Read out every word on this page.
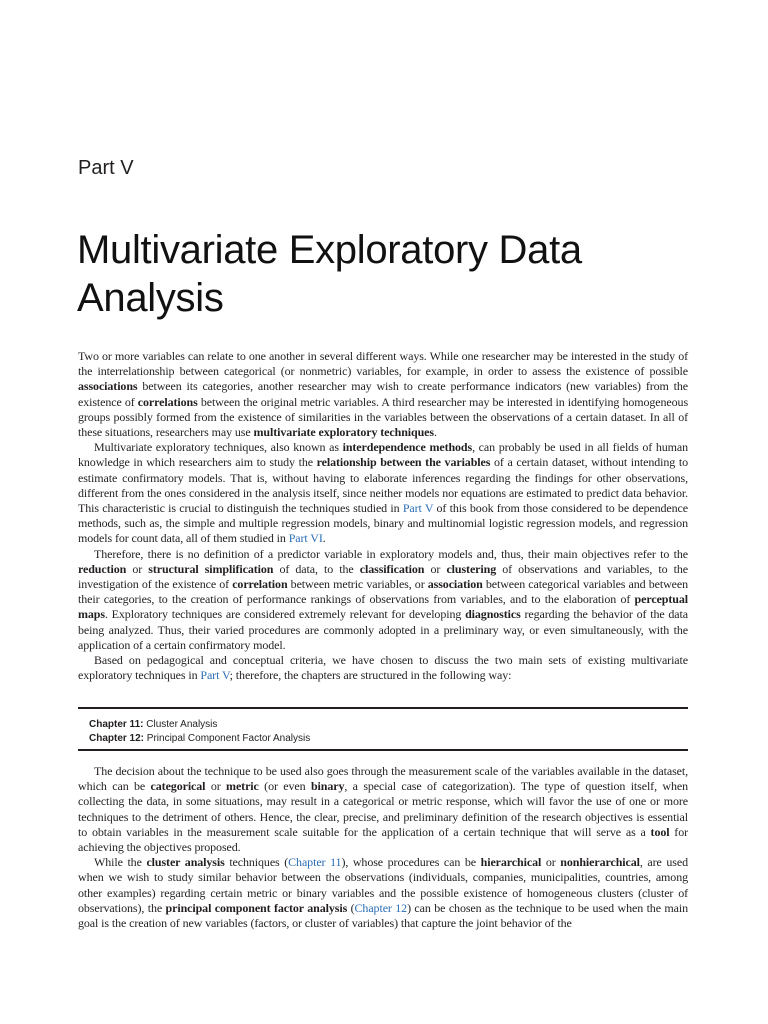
Part V
Multivariate Exploratory Data Analysis

Two or more variables can relate to one another in several different ways. While one researcher may be interested in the study of the interrelationship between categorical (or nonmetric) variables, for example, in order to assess the existence of possible associations between its categories, another researcher may wish to create performance indicators (new variables) from the existence of correlations between the original metric variables. A third researcher may be interested in identifying homogeneous groups possibly formed from the existence of similarities in the variables between the observations of a certain dataset. In all of these situations, researchers may use multivariate exploratory techniques.

Multivariate exploratory techniques, also known as interdependence methods, can probably be used in all fields of human knowledge in which researchers aim to study the relationship between the variables of a certain dataset, without intending to estimate confirmatory models. That is, without having to elaborate inferences regarding the findings for other observations, different from the ones considered in the analysis itself, since neither models nor equations are estimated to predict data behavior. This characteristic is crucial to distinguish the techniques studied in Part V of this book from those considered to be dependence methods, such as, the simple and multiple regression models, binary and multinomial logistic regression models, and regression models for count data, all of them studied in Part VI.

Therefore, there is no definition of a predictor variable in exploratory models and, thus, their main objectives refer to the reduction or structural simplification of data, to the classification or clustering of observations and variables, to the investigation of the existence of correlation between metric variables, or association between categorical variables and between their categories, to the creation of performance rankings of observations from variables, and to the elaboration of perceptual maps. Exploratory techniques are considered extremely relevant for developing diagnostics regarding the behavior of the data being analyzed. Thus, their varied procedures are commonly adopted in a preliminary way, or even simultaneously, with the application of a certain confirmatory model.

Based on pedagogical and conceptual criteria, we have chosen to discuss the two main sets of existing multivariate exploratory techniques in Part V; therefore, the chapters are structured in the following way:

Chapter 11: Cluster Analysis
Chapter 12: Principal Component Factor Analysis

The decision about the technique to be used also goes through the measurement scale of the variables available in the dataset, which can be categorical or metric (or even binary, a special case of categorization). The type of question itself, when collecting the data, in some situations, may result in a categorical or metric response, which will favor the use of one or more techniques to the detriment of others. Hence, the clear, precise, and preliminary definition of the research objectives is essential to obtain variables in the measurement scale suitable for the application of a certain technique that will serve as a tool for achieving the objectives proposed.

While the cluster analysis techniques (Chapter 11), whose procedures can be hierarchical or nonhierarchical, are used when we wish to study similar behavior between the observations (individuals, companies, municipalities, countries, among other examples) regarding certain metric or binary variables and the possible existence of homogeneous clusters (cluster of observations), the principal component factor analysis (Chapter 12) can be chosen as the technique to be used when the main goal is the creation of new variables (factors, or cluster of variables) that capture the joint behavior of the
